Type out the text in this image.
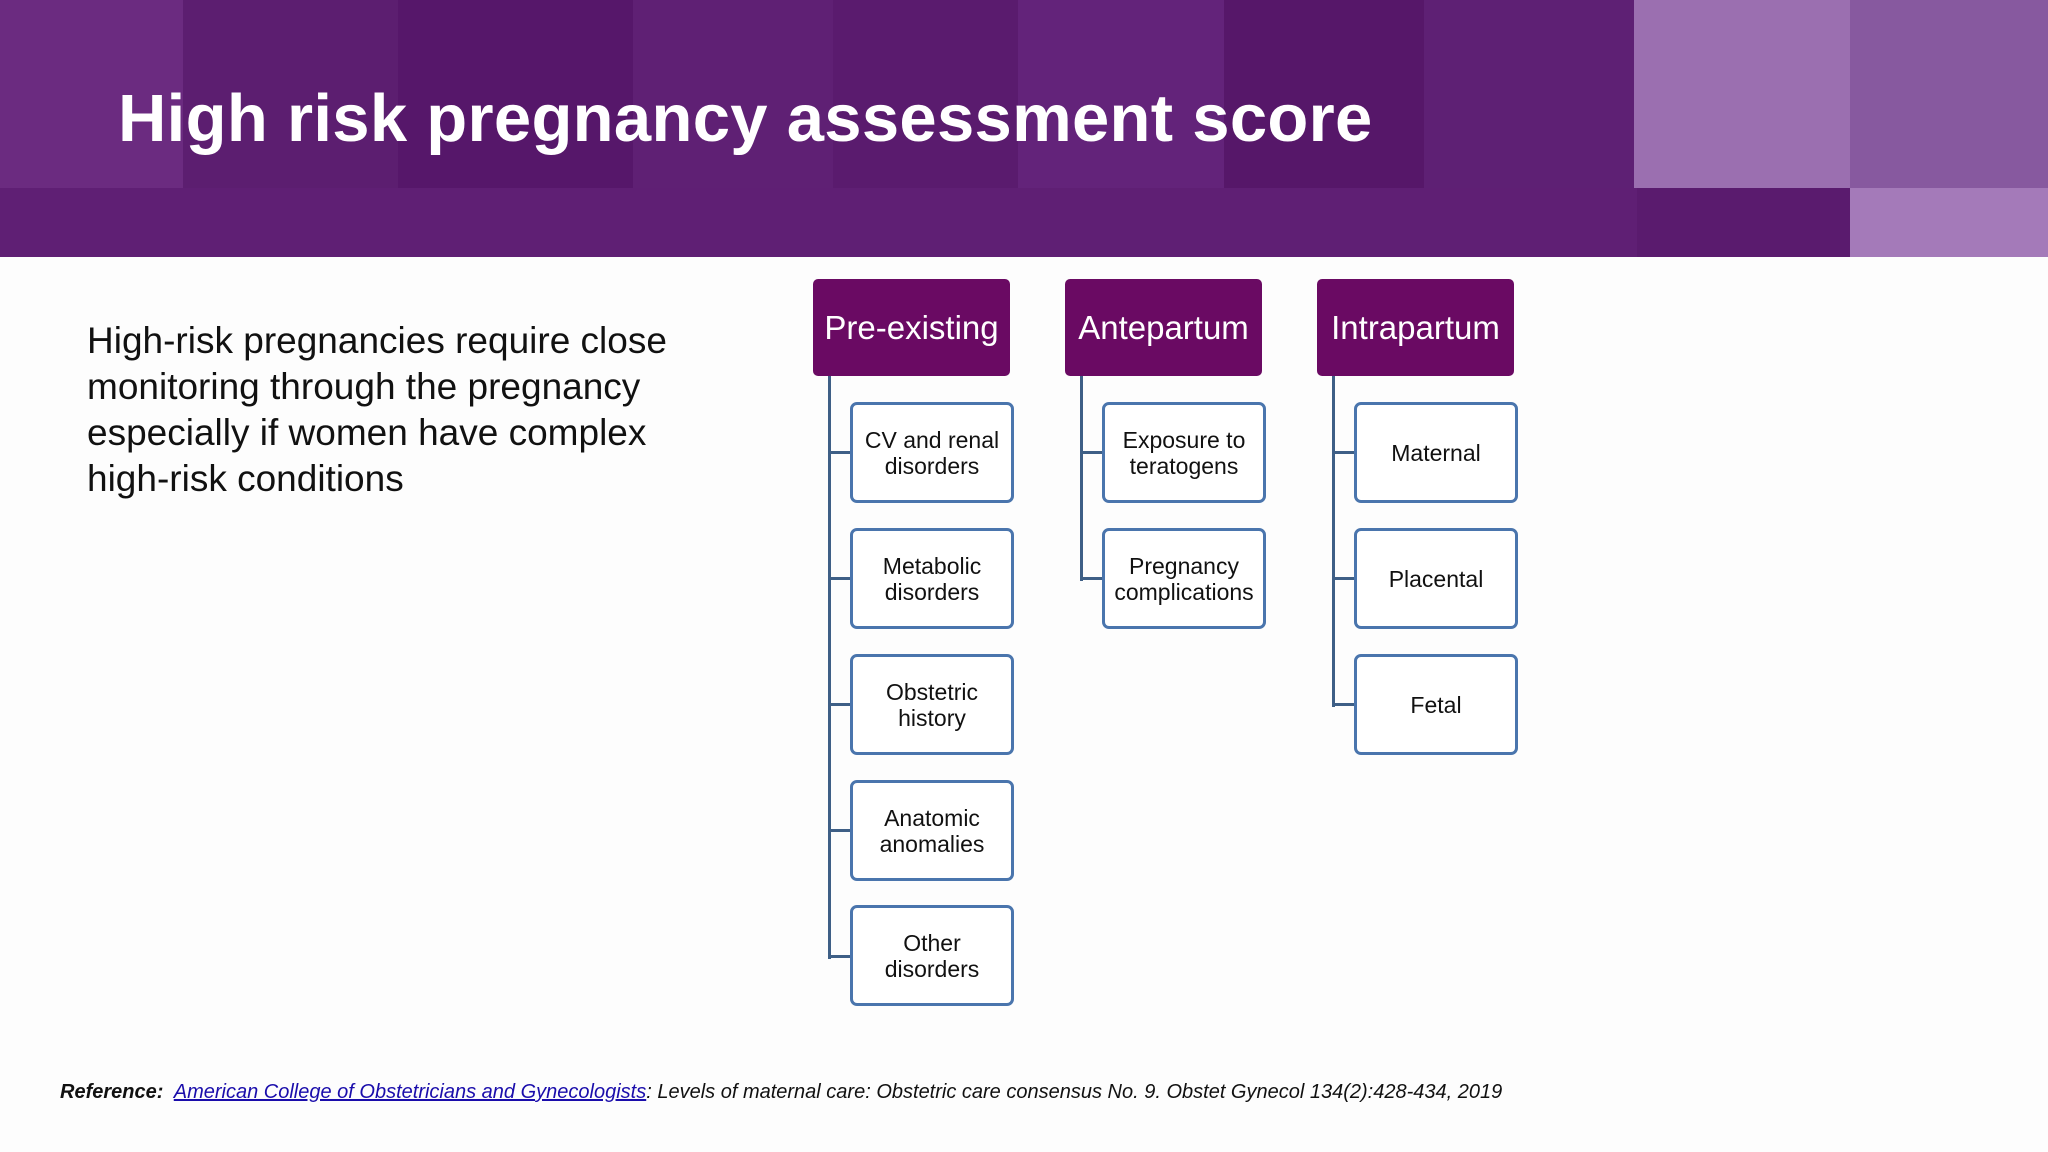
High risk pregnancy assessment score
High-risk pregnancies require close monitoring through the pregnancy especially if women have complex high-risk conditions
Pre-existing
CV and renal disorders
Metabolic disorders
Obstetric history
Anatomic anomalies
Other disorders
Antepartum
Exposure to teratogens
Pregnancy complications
Intrapartum
Maternal
Placental
Fetal
Reference: American College of Obstetricians and Gynecologists: Levels of maternal care: Obstetric care consensus No. 9. Obstet Gynecol 134(2):428-434, 2019
